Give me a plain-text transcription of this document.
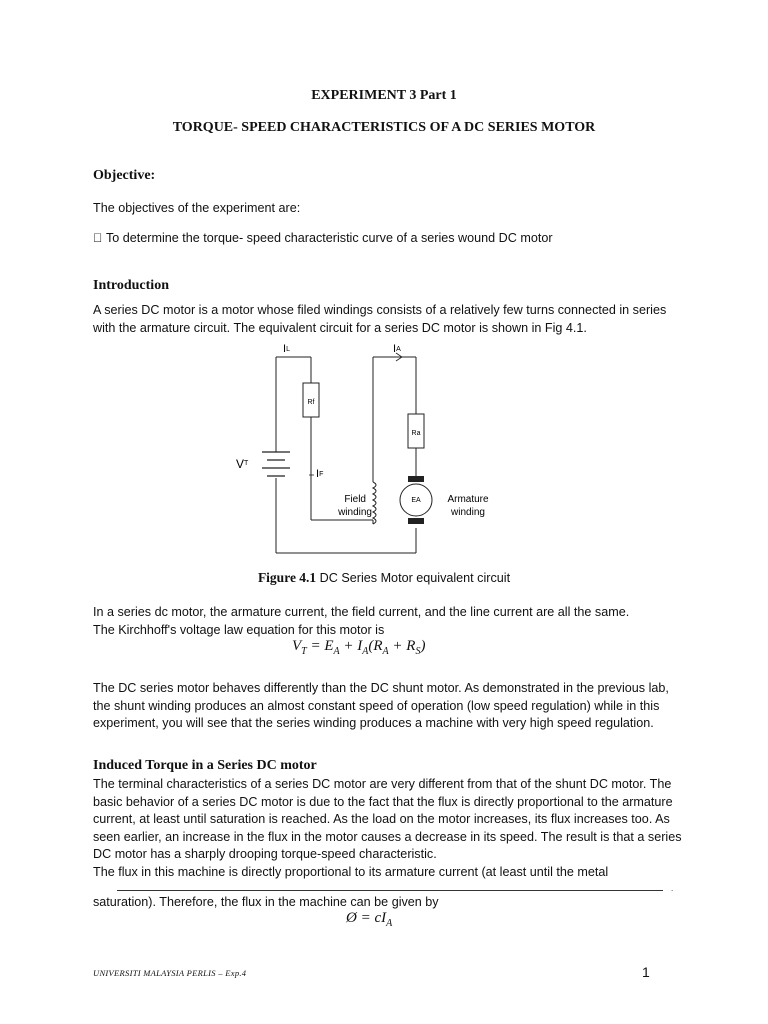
EXPERIMENT 3 Part 1
TORQUE- SPEED CHARACTERISTICS OF A DC SERIES MOTOR
Objective:
The objectives of the experiment are:
To determine the torque- speed characteristic curve of a series wound DC motor
Introduction
A series DC motor is a motor whose filed windings consists of a relatively few turns connected in series with the armature circuit. The equivalent circuit for a series DC motor is shown in Fig 4.1.
IL	IA
Rf
Ra
$V^T$
IF
EA
Field
winding
Armature
winding
Figure 4.1 DC Series Motor equivalent circuit
In a series dc motor, the armature current, the field current, and the line current are all the same.
The Kirchhoff's voltage law equation for this motor is
$V_T = E_A + I_A(R_A + R_S)$
The DC series motor behaves differently than the DC shunt motor. As demonstrated in the previous lab, the shunt winding produces an almost constant speed of operation (low speed regulation) while in this experiment, you will see that the series winding produces a machine with very high speed regulation.
Induced Torque in a Series DC motor
The terminal characteristics of a series DC motor are very different from that of the shunt DC motor. The basic behavior of a series DC motor is due to the fact that the flux is directly proportional to the armature current, at least until saturation is reached. As the load on the motor increases, its flux increases too. As seen earlier, an increase in the flux in the motor causes a decrease in its speed. The result is that a series DC motor has a sharply drooping torque-speed characteristic.
The flux in this machine is directly proportional to its armature current (at least until the metal
.
saturation). Therefore, the flux in the machine can be given by
Ø = $cI_A$
UNIVERSITI MALAYSIA PERLIS – Exp.4	1
